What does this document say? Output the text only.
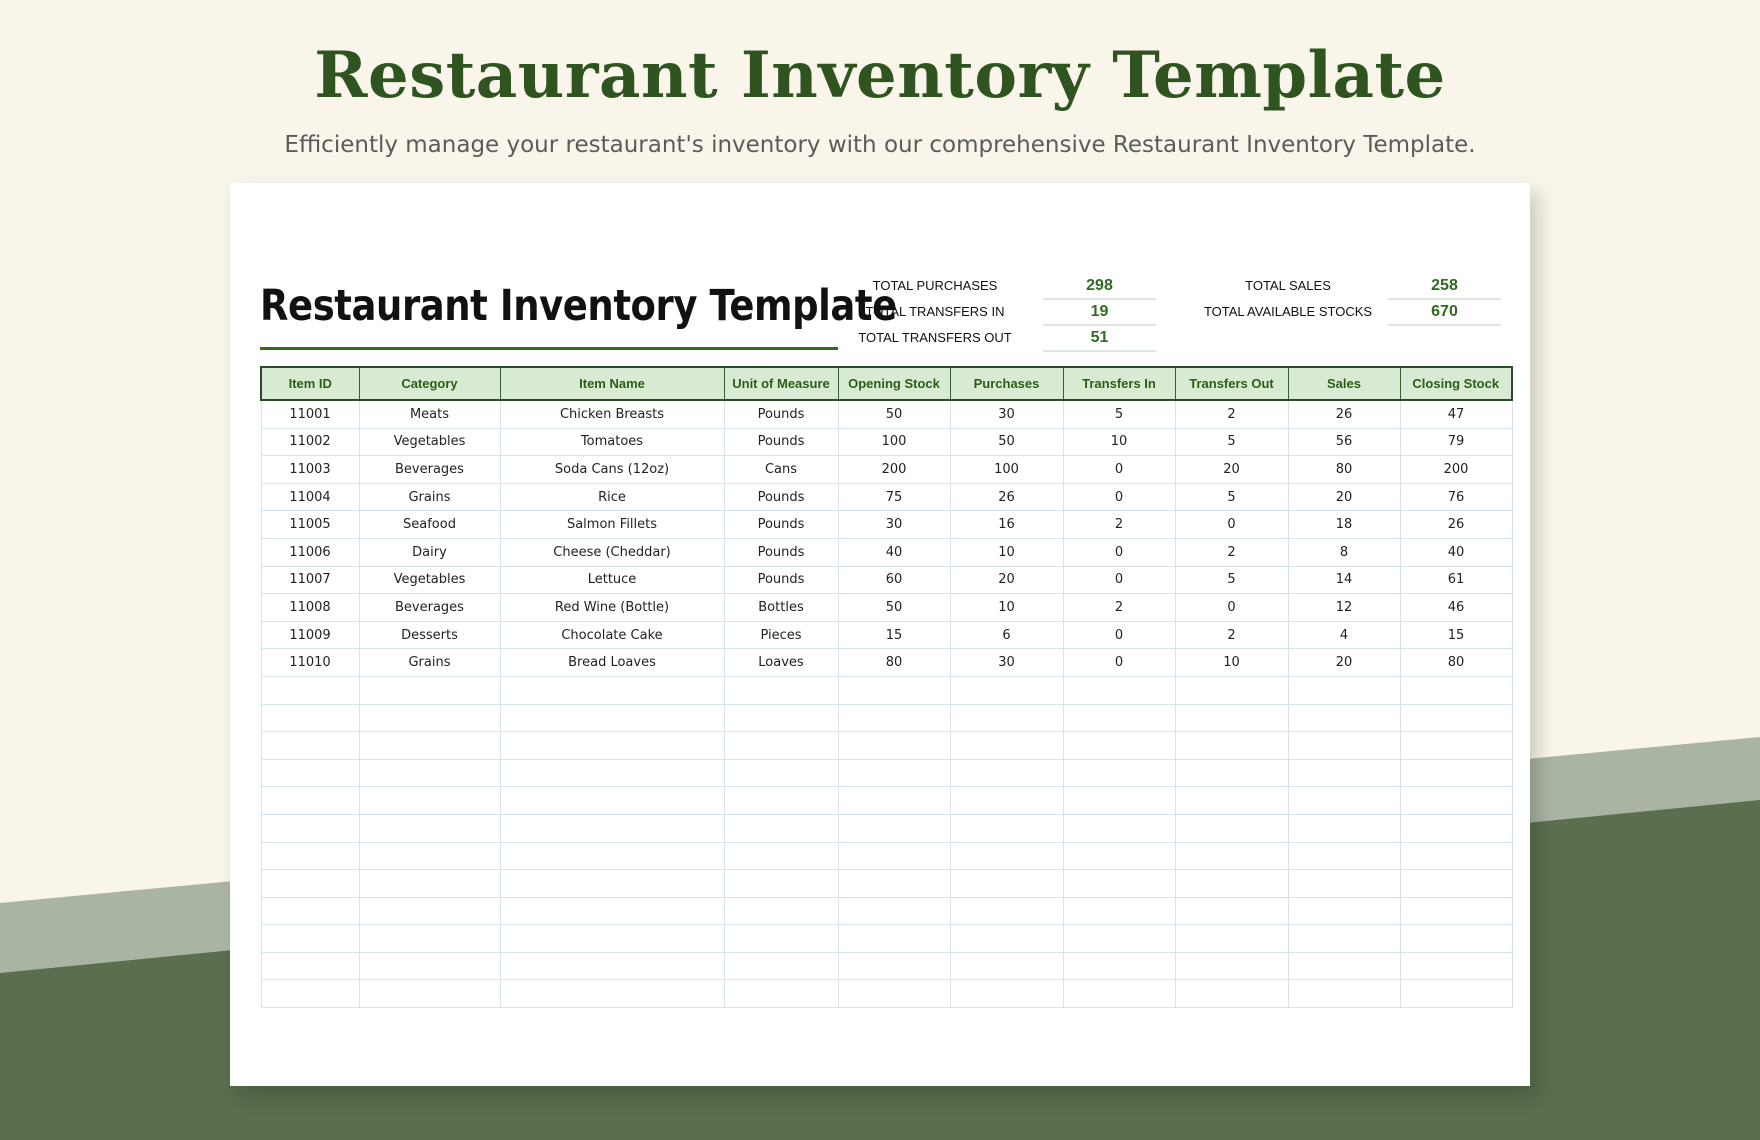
Restaurant Inventory Template

Efficiently manage your restaurant's inventory with our comprehensive Restaurant Inventory Template.

Restaurant Inventory Template
TOTAL PURCHASES	298
TOTAL TRANSFERS IN	19
TOTAL TRANSFERS OUT	51
TOTAL SALES	258
TOTAL AVAILABLE STOCKS	670
Item ID	Category	Item Name	Unit of Measure	Opening Stock	Purchases	Transfers In	Transfers Out	Sales	Closing Stock
11001	Meats	Chicken Breasts	Pounds	50	30	5	2	26	47
11002	Vegetables	Tomatoes	Pounds	100	50	10	5	56	79
11003	Beverages	Soda Cans (12oz)	Cans	200	100	0	20	80	200
11004	Grains	Rice	Pounds	75	26	0	5	20	76
11005	Seafood	Salmon Fillets	Pounds	30	16	2	0	18	26
11006	Dairy	Cheese (Cheddar)	Pounds	40	10	0	2	8	40
11007	Vegetables	Lettuce	Pounds	60	20	0	5	14	61
11008	Beverages	Red Wine (Bottle)	Bottles	50	10	2	0	12	46
11009	Desserts	Chocolate Cake	Pieces	15	6	0	2	4	15
11010	Grains	Bread Loaves	Loaves	80	30	0	10	20	80
